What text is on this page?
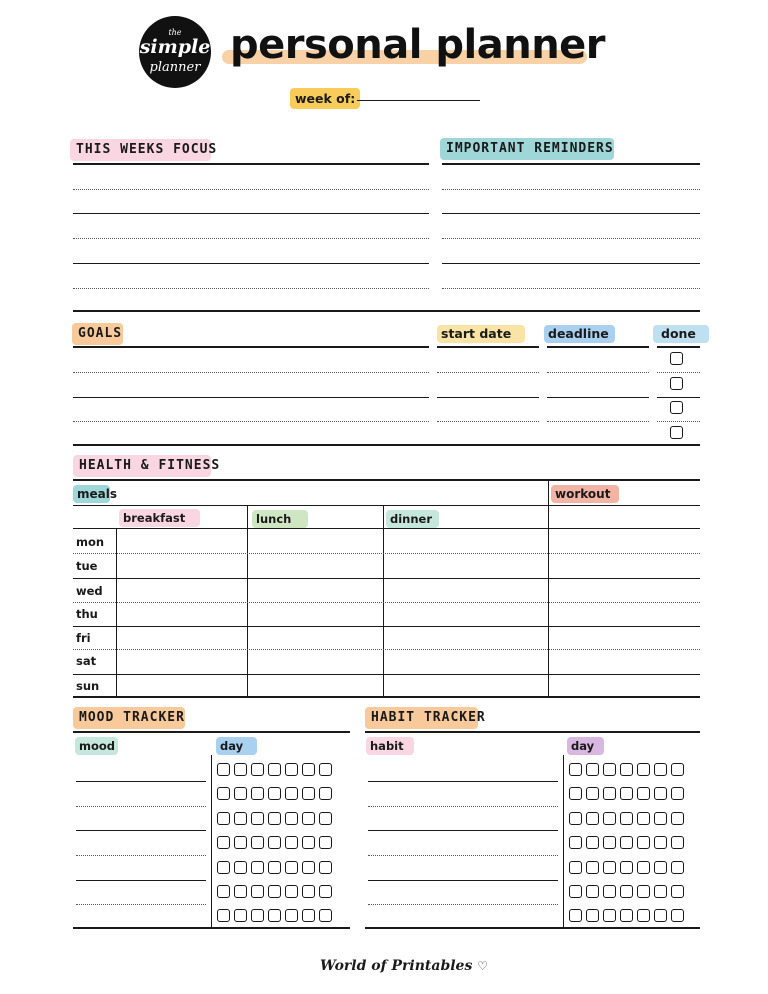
the
simple
planner personal planner
week of:
THIS WEEKS FOCUS	IMPORTANT REMINDERS
GOALS	start date	deadline	done
HEALTH & FITNESS
meals	workout
breakfast	lunch	dinner
mon
tue
wed
thu
fri
sat
sun
MOOD TRACKER
mood	day
HABIT TRACKER
habit	day
World of Printables ♡
